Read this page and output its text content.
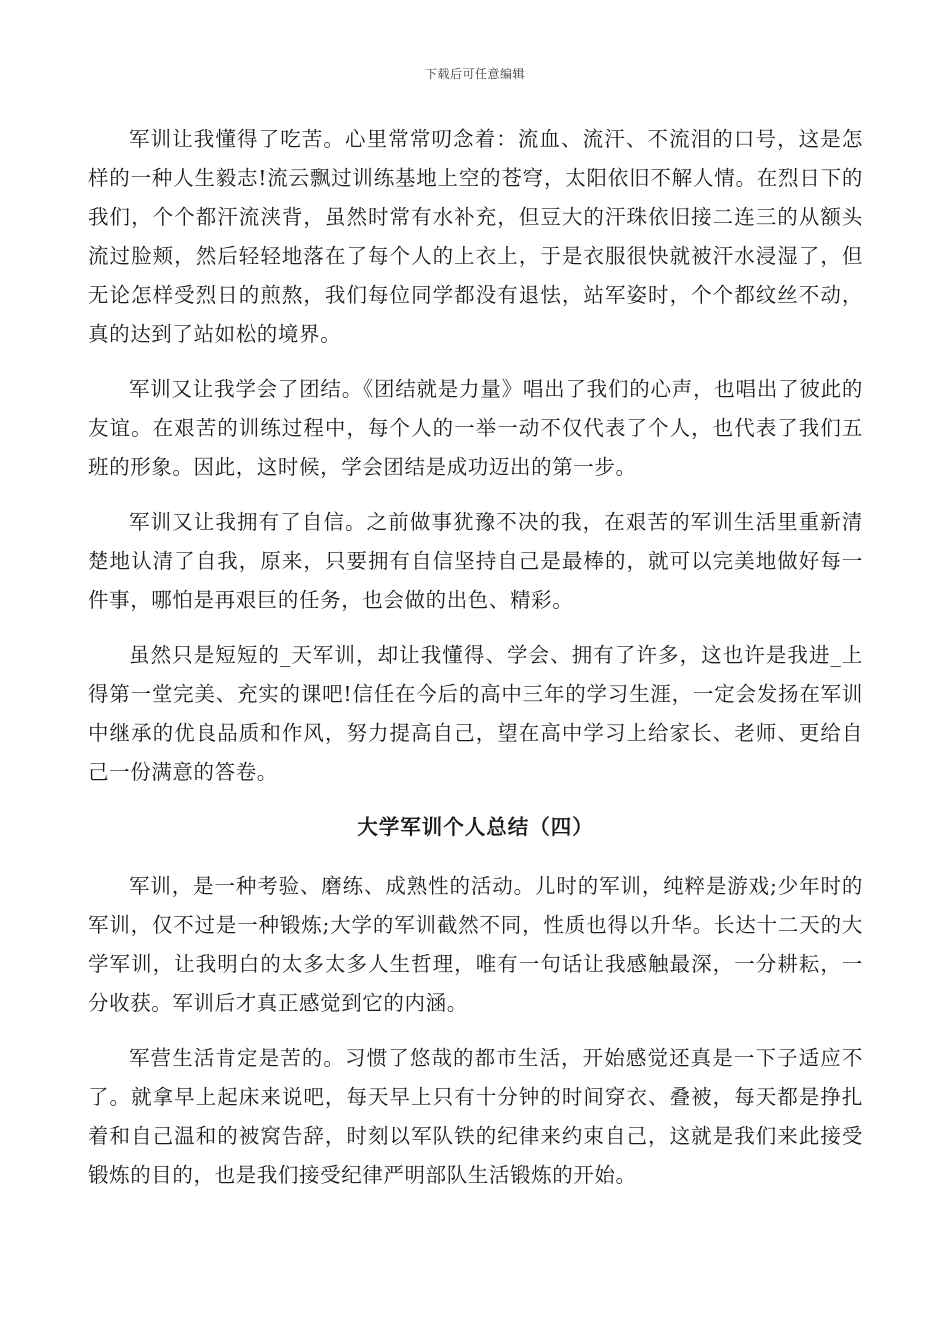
下载后可任意编辑

军训让我懂得了吃苦。心里常常叨念着：流血、流汗、不流泪的口号，这是怎样的一种人生毅志!流云飘过训练基地上空的苍穹，太阳依旧不解人情。在烈日下的我们，个个都汗流浃背，虽然时常有水补充，但豆大的汗珠依旧接二连三的从额头流过脸颊，然后轻轻地落在了每个人的上衣上，于是衣服很快就被汗水浸湿了，但无论怎样受烈日的煎熬，我们每位同学都没有退怯，站军姿时，个个都纹丝不动，真的达到了站如松的境界。

军训又让我学会了团结。《团结就是力量》唱出了我们的心声，也唱出了彼此的友谊。在艰苦的训练过程中，每个人的一举一动不仅代表了个人，也代表了我们五班的形象。因此，这时候，学会团结是成功迈出的第一步。

军训又让我拥有了自信。之前做事犹豫不决的我，在艰苦的军训生活里重新清楚地认清了自我，原来，只要拥有自信坚持自己是最棒的，就可以完美地做好每一件事，哪怕是再艰巨的任务，也会做的出色、精彩。

虽然只是短短的_天军训，却让我懂得、学会、拥有了许多，这也许是我进_上得第一堂完美、充实的课吧!信任在今后的高中三年的学习生涯，一定会发扬在军训中继承的优良品质和作风，努力提高自己，望在高中学习上给家长、老师、更给自己一份满意的答卷。

大学军训个人总结（四）

军训，是一种考验、磨练、成熟性的活动。儿时的军训，纯粹是游戏;少年时的军训，仅不过是一种锻炼;大学的军训截然不同，性质也得以升华。长达十二天的大学军训，让我明白的太多太多人生哲理，唯有一句话让我感触最深，一分耕耘，一分收获。军训后才真正感觉到它的内涵。

军营生活肯定是苦的。习惯了悠哉的都市生活，开始感觉还真是一下子适应不了。就拿早上起床来说吧，每天早上只有十分钟的时间穿衣、叠被，每天都是挣扎着和自己温和的被窝告辞，时刻以军队铁的纪律来约束自己，这就是我们来此接受锻炼的目的，也是我们接受纪律严明部队生活锻炼的开始。
